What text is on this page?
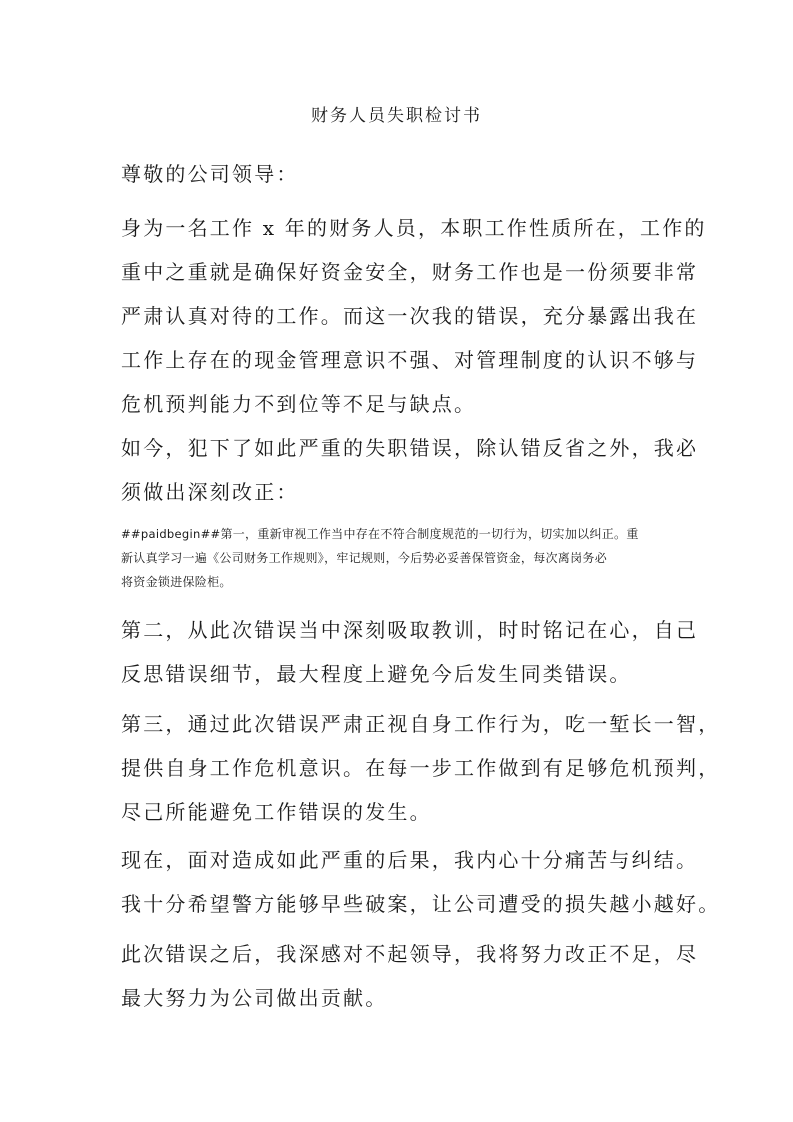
财务人员失职检讨书
尊敬的公司领导：
身为一名工作 x 年的财务人员，本职工作性质所在，工作的
重中之重就是确保好资金安全，财务工作也是一份须要非常
严肃认真对待的工作。而这一次我的错误，充分暴露出我在
工作上存在的现金管理意识不强、对管理制度的认识不够与
危机预判能力不到位等不足与缺点。
如今，犯下了如此严重的失职错误，除认错反省之外，我必
须做出深刻改正：
##paidbegin##第一，重新审视工作当中存在不符合制度规范的一切行为，切实加以纠正。重
新认真学习一遍《公司财务工作规则》，牢记规则，今后势必妥善保管资金，每次离岗务必
将资金锁进保险柜。
第二，从此次错误当中深刻吸取教训，时时铭记在心，自己
反思错误细节，最大程度上避免今后发生同类错误。
第三，通过此次错误严肃正视自身工作行为，吃一堑长一智，
提供自身工作危机意识。在每一步工作做到有足够危机预判，
尽己所能避免工作错误的发生。
现在，面对造成如此严重的后果，我内心十分痛苦与纠结。
我十分希望警方能够早些破案，让公司遭受的损失越小越好。
此次错误之后，我深感对不起领导，我将努力改正不足，尽
最大努力为公司做出贡献。
